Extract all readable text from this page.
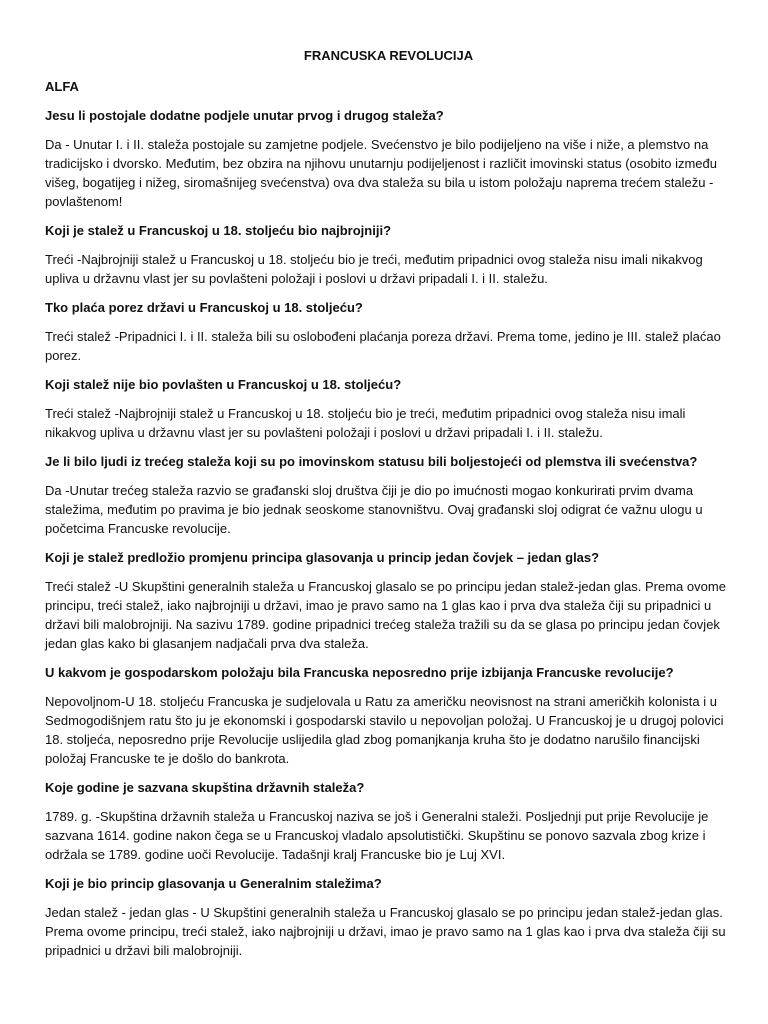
FRANCUSKA REVOLUCIJA
ALFA

Jesu li postojale dodatne podjele unutar prvog i drugog staleža?

Da - Unutar I. i II. staleža postojale su zamjetne podjele. Svećenstvo je bilo podijeljeno na više i niže, a plemstvo na tradicijsko i dvorsko. Međutim, bez obzira na njihovu unutarnju podijeljenost i različit imovinski status (osobito između višeg, bogatijeg i nižeg, siromašnijeg svećenstva) ova dva staleža su bila u istom položaju naprema trećem staležu - povlaštenom!

Koji je stalež u Francuskoj u 18. stoljeću bio najbrojniji?

Treći -Najbrojniji stalež u Francuskoj u 18. stoljeću bio je treći, međutim pripadnici ovog staleža nisu imali nikakvog upliva u državnu vlast jer su povlašteni položaji i poslovi u državi pripadali I. i II. staležu.

Tko plaća porez državi u Francuskoj u 18. stoljeću?

Treći stalež -Pripadnici I. i II. staleža bili su oslobođeni plaćanja poreza državi. Prema tome, jedino je III. stalež plaćao porez.

Koji stalež nije bio povlašten u Francuskoj u 18. stoljeću?

Treći stalež -Najbrojniji stalež u Francuskoj u 18. stoljeću bio je treći, međutim pripadnici ovog staleža nisu imali nikakvog upliva u državnu vlast jer su povlašteni položaji i poslovi u državi pripadali I. i II. staležu.

Je li bilo ljudi iz trećeg staleža koji su po imovinskom statusu bili boljestojeći od plemstva ili svećenstva?

Da -Unutar trećeg staleža razvio se građanski sloj društva čiji je dio po imućnosti mogao konkurirati prvim dvama staležima, međutim po pravima je bio jednak seoskome stanovništvu. Ovaj građanski sloj odigrat će važnu ulogu u početcima Francuske revolucije.

Koji je stalež predložio promjenu principa glasovanja u princip jedan čovjek – jedan glas?

Treći stalež -U Skupštini generalnih staleža u Francuskoj glasalo se po principu jedan stalež-jedan glas. Prema ovome principu, treći stalež, iako najbrojniji u državi, imao je pravo samo na 1 glas kao i prva dva staleža čiji su pripadnici u državi bili malobrojniji. Na sazivu 1789. godine pripadnici trećeg staleža tražili su da se glasa po principu jedan čovjek jedan glas kako bi glasanjem nadjačali prva dva staleža.

U kakvom je gospodarskom položaju bila Francuska neposredno prije izbijanja Francuske revolucije?

Nepovoljnom-U 18. stoljeću Francuska je sudjelovala u Ratu za američku neovisnost na strani američkih kolonista i u Sedmogodišnjem ratu što ju je ekonomski i gospodarski stavilo u nepovoljan položaj. U Francuskoj je u drugoj polovici 18. stoljeća, neposredno prije Revolucije uslijedila glad zbog pomanjkanja kruha što je dodatno narušilo financijski položaj Francuske te je došlo do bankrota.

Koje godine je sazvana skupština državnih staleža?

1789. g. -Skupština državnih staleža u Francuskoj naziva se još i Generalni staleži. Posljednji put prije Revolucije je sazvana 1614. godine nakon čega se u Francuskoj vladalo apsolutistički. Skupštinu se ponovo sazvala zbog krize i održala se 1789. godine uoči Revolucije. Tadašnji kralj Francuske bio je Luj XVI.

Koji je bio princip glasovanja u Generalnim staležima?

Jedan stalež - jedan glas - U Skupštini generalnih staleža u Francuskoj glasalo se po principu jedan stalež-jedan glas. Prema ovome principu, treći stalež, iako najbrojniji u državi, imao je pravo samo na 1 glas kao i prva dva staleža čiji su pripadnici u državi bili malobrojniji.
